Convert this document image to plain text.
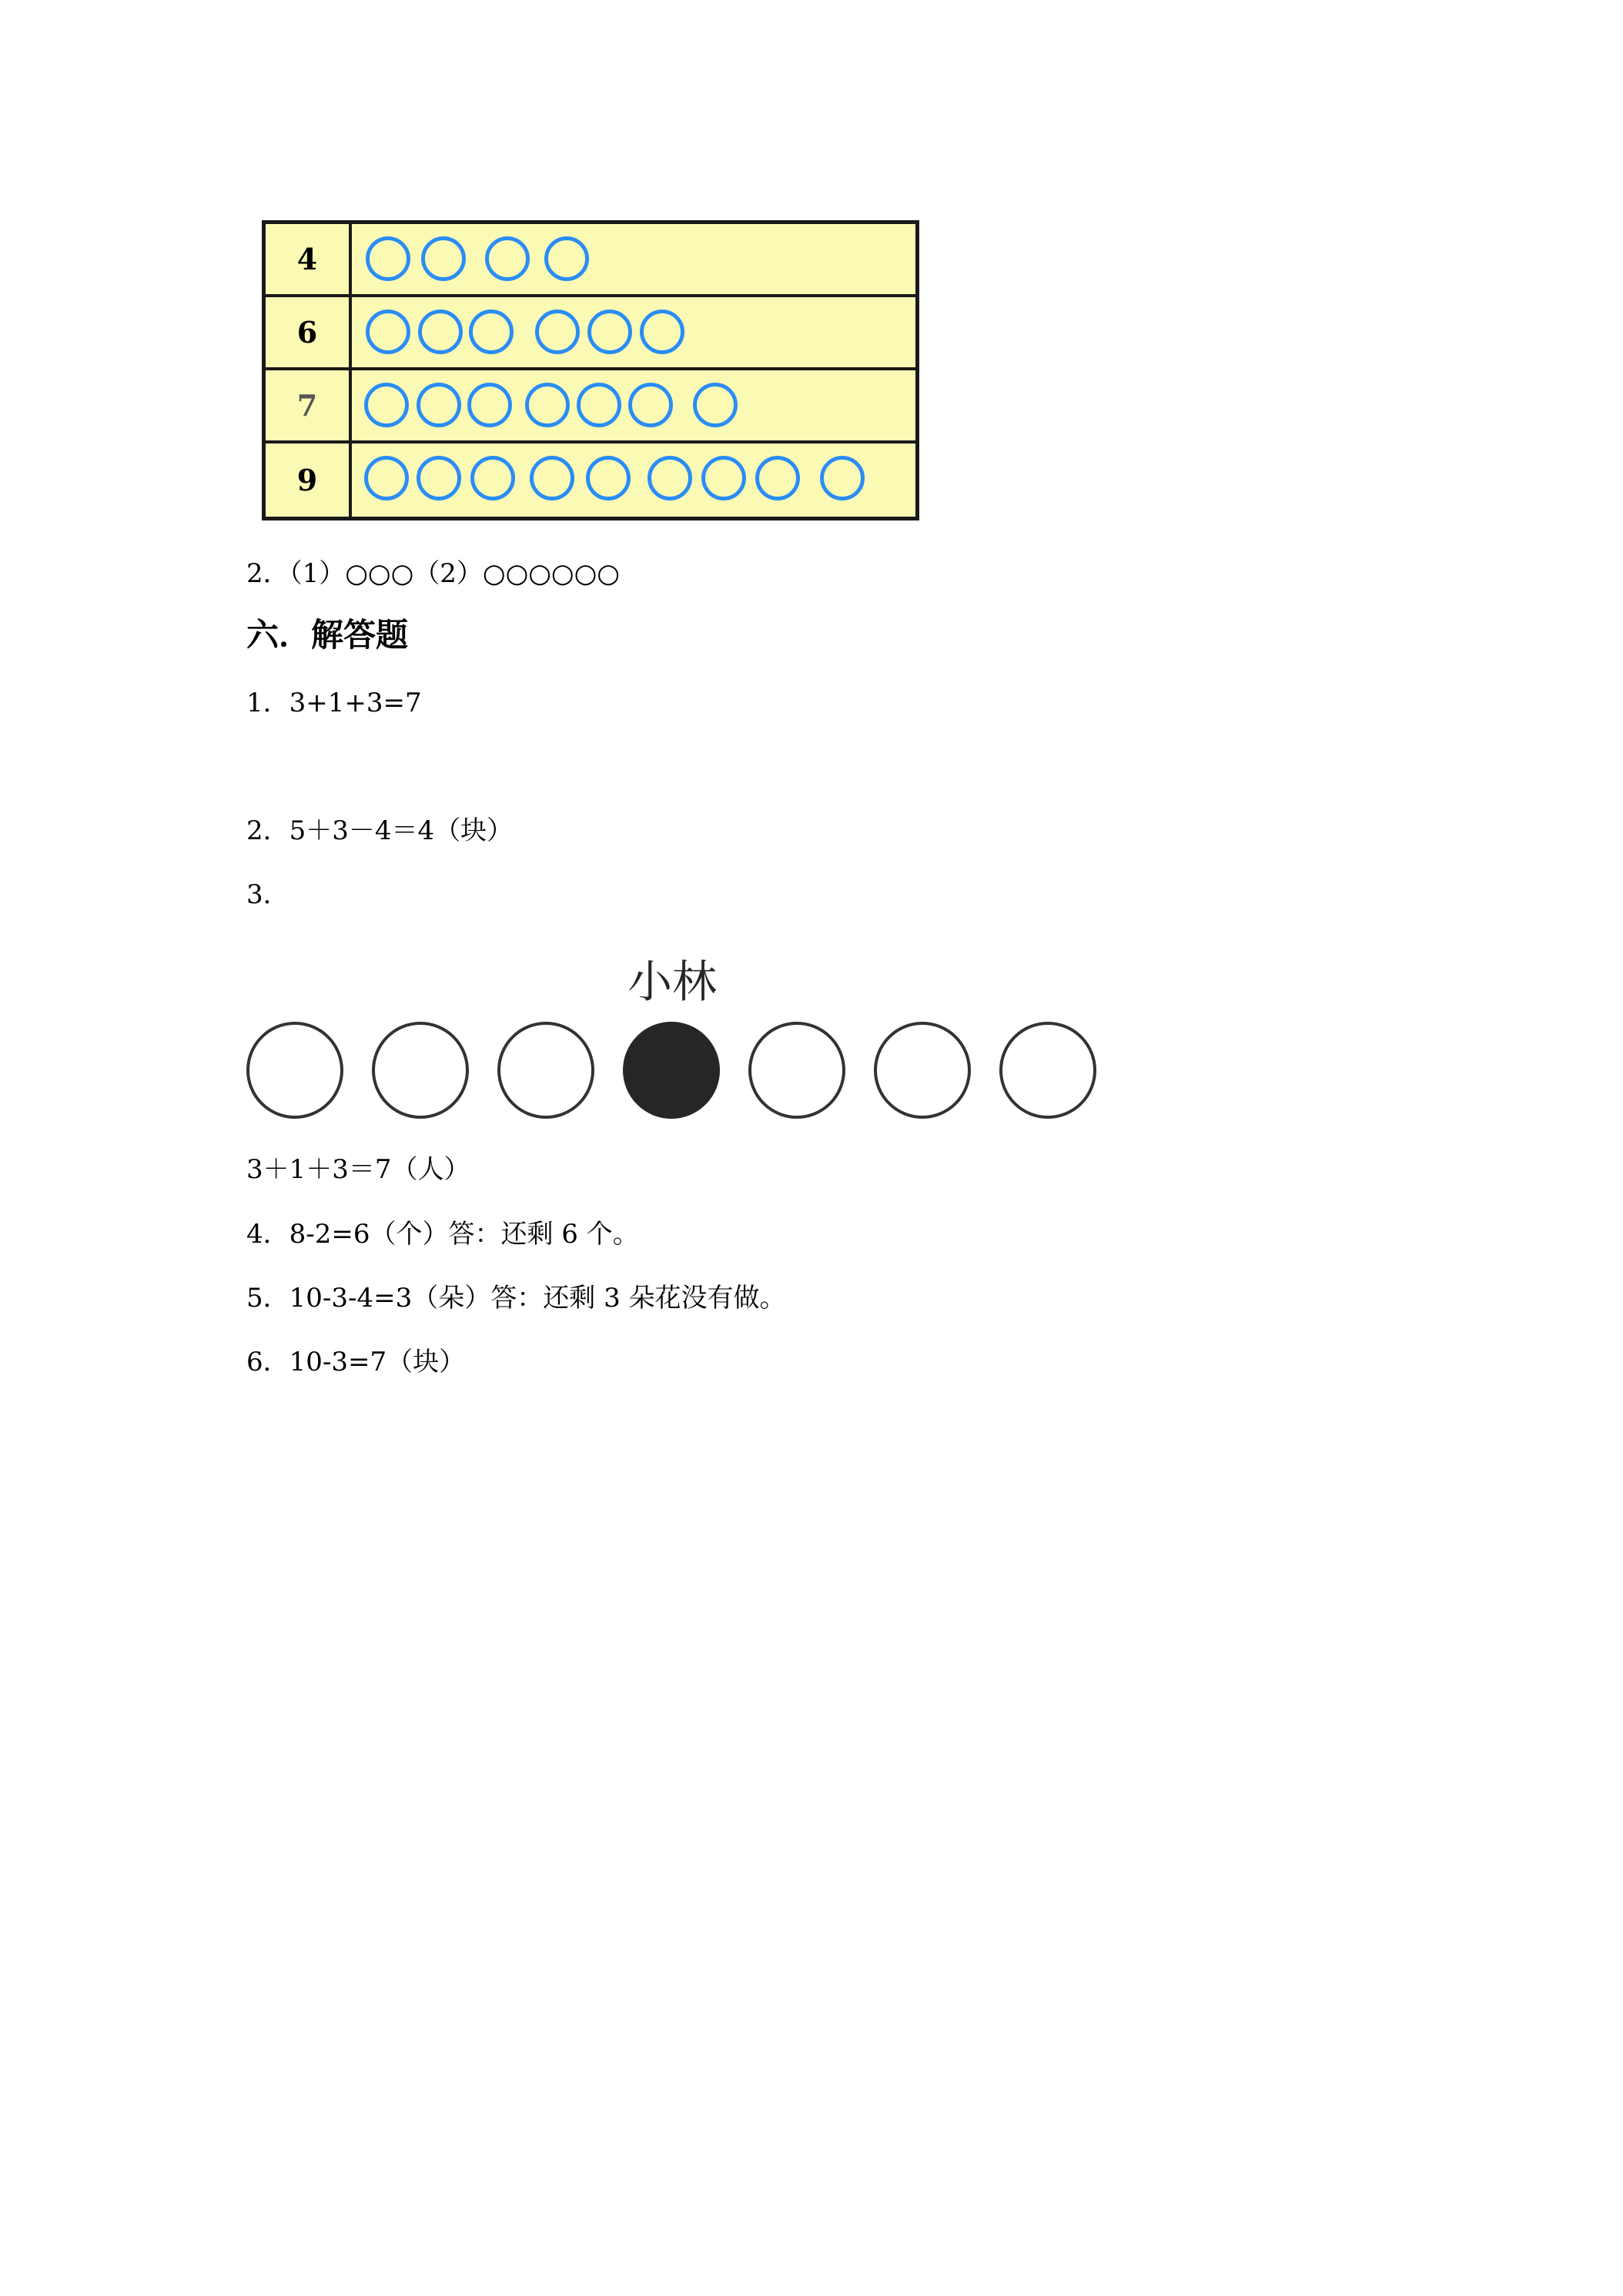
4
6
7
9
2．（1）○○○（2）○○○○○○
六．解答题
1．3+1+3=7
2．5＋3－4＝4（块）
3．
小林
3＋1＋3＝7（人）
4．8-2=6（个）答：还剩 6 个。
5．10-3-4=3（朵）答：还剩 3 朵花没有做。
6．10-3=7（块）
